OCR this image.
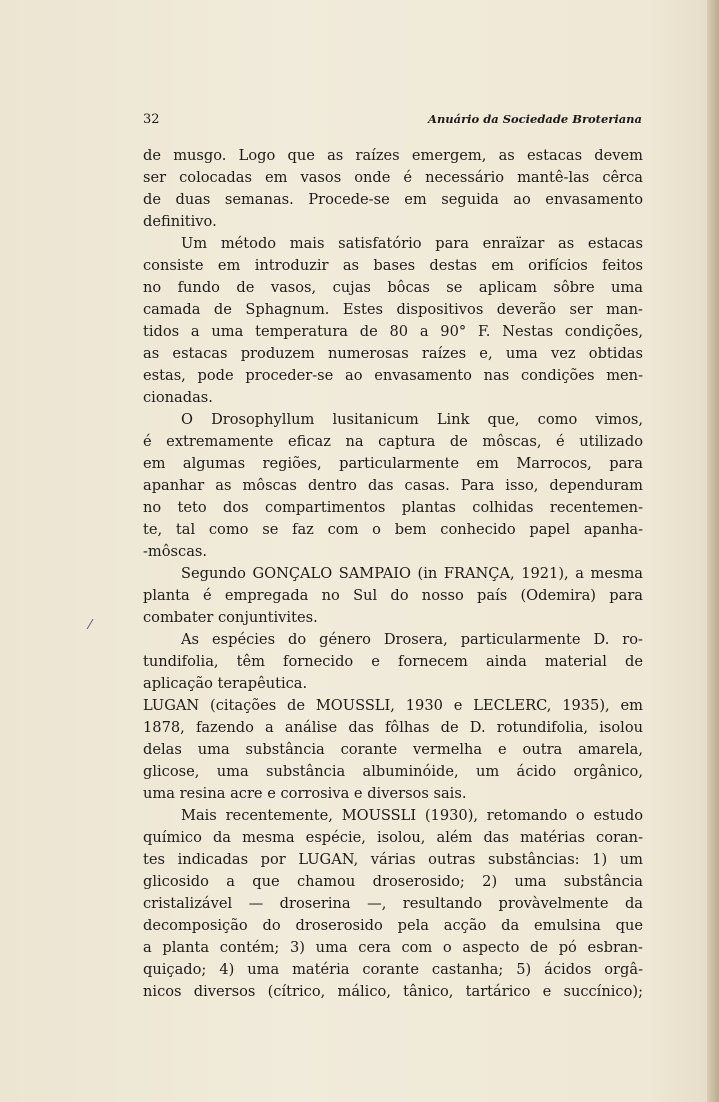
32	Anuário da Sociedade Broteriana
⁄
de musgo. Logo que as raízes emergem, as estacas devem
ser colocadas em vasos onde é necessário mantê-las cêrca
de duas semanas. Procede-se em seguida ao envasamento
definitivo.
Um método mais satisfatório para enraïzar as estacas
consiste em introduzir as bases destas em orifícios feitos
no fundo de vasos, cujas bôcas se aplicam sôbre uma
camada de Sphagnum. Estes dispositivos deverão ser man-
tidos a uma temperatura de 80 a 90° F. Nestas condições,
as estacas produzem numerosas raízes e, uma vez obtidas
estas, pode proceder-se ao envasamento nas condições men-
cionadas.
O Drosophyllum lusitanicum Link que, como vimos,
é extremamente eficaz na captura de môscas, é utilizado
em algumas regiões, particularmente em Marrocos, para
apanhar as môscas dentro das casas. Para isso, dependuram
no teto dos compartimentos plantas colhidas recentemen-
te, tal como se faz com o bem conhecido papel apanha-
-môscas.
Segundo GONÇALO SAMPAIO (in FRANÇA, 1921), a mesma
planta é empregada no Sul do nosso país (Odemira) para
combater conjuntivites.
As espécies do género Drosera, particularmente D. ro-
tundifolia, têm fornecido e fornecem ainda material de
aplicação terapêutica.
LUGAN (citações de MOUSSLI, 1930 e LECLERC, 1935), em
1878, fazendo a análise das fôlhas de D. rotundifolia, isolou
delas uma substância corante vermelha e outra amarela,
glicose, uma substância albuminóide, um ácido orgânico,
uma resina acre e corrosiva e diversos sais.
Mais recentemente, MOUSSLI (1930), retomando o estudo
químico da mesma espécie, isolou, além das matérias coran-
tes indicadas por LUGAN, várias outras substâncias: 1) um
glicosido a que chamou droserosido; 2) uma substância
cristalizável — droserina —, resultando provàvelmente da
decomposição do droserosido pela acção da emulsina que
a planta contém; 3) uma cera com o aspecto de pó esbran-
quiçado; 4) uma matéria corante castanha; 5) ácidos orgâ-
nicos diversos (cítrico, málico, tânico, tartárico e succínico);
